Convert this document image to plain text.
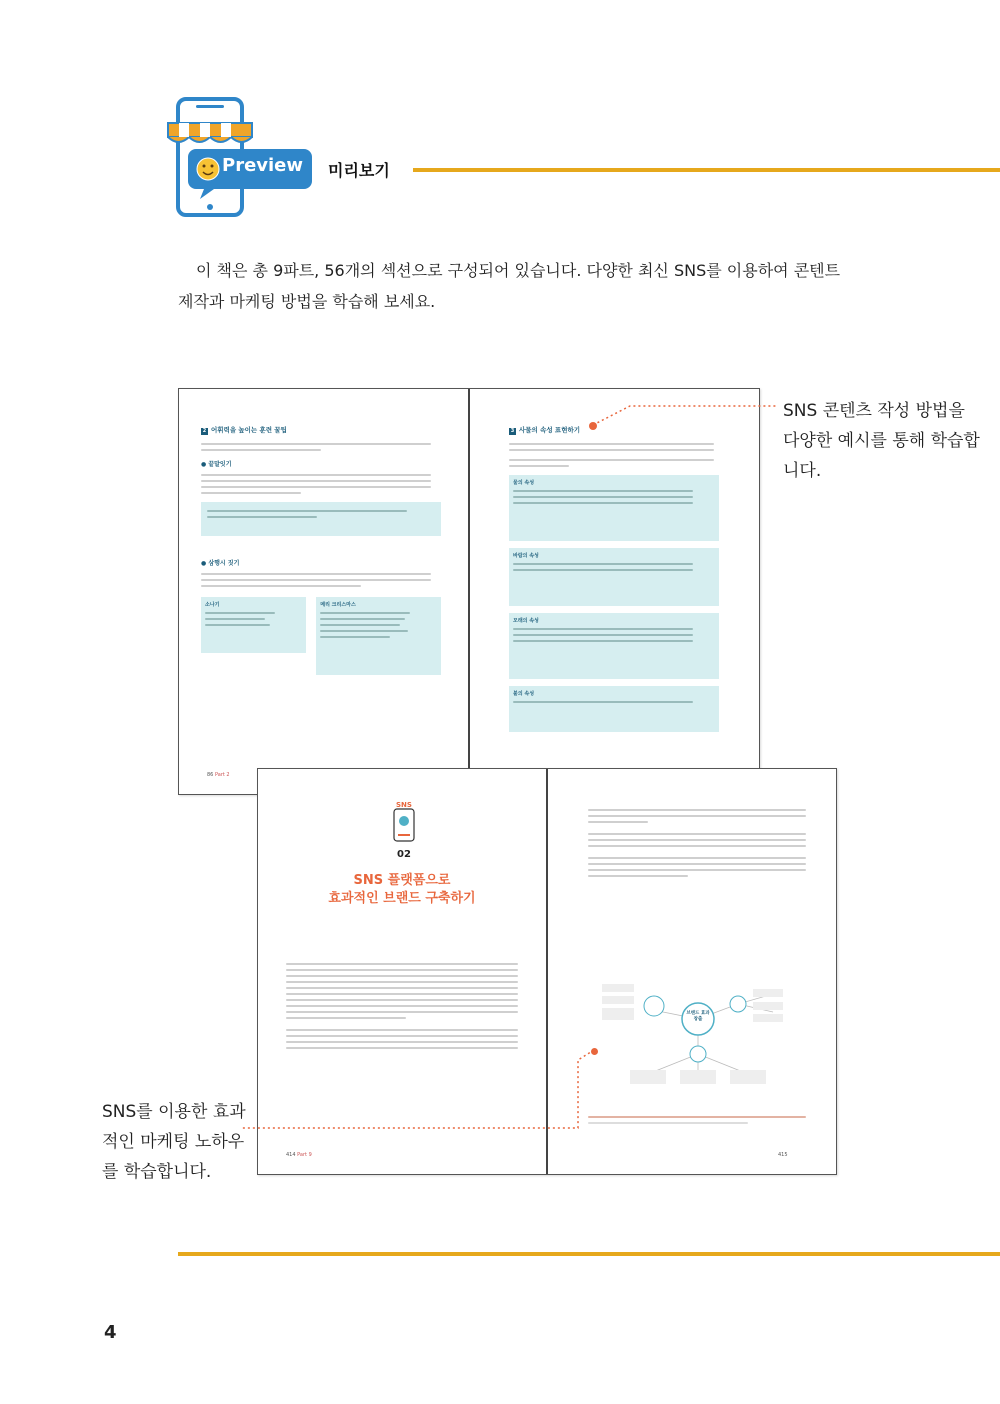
Preview 미리보기
이 책은 총 9파트, 56개의 섹션으로 구성되어 있습니다. 다양한 최신 SNS를 이용하여 콘텐트 제작과 마케팅 방법을 학습해 보세요.
2 어휘력을 높이는 훈련 꿀팁
● 끝말잇기
● 삼행시 짓기
소나기	메리 크리스마스
86 Part 2
3 사물의 속성 표현하기
물의 속성
바람의 속성
모래의 속성
불의 속성
SNS
02
SNS 플랫폼으로
효과적인 브랜드 구축하기
414 Part 9
브랜드 효과 창출
415
SNS 콘텐츠 작성 방법을 다양한 예시를 통해 학습합니다.
SNS를 이용한 효과적인 마케팅 노하우를 학습합니다.
4
